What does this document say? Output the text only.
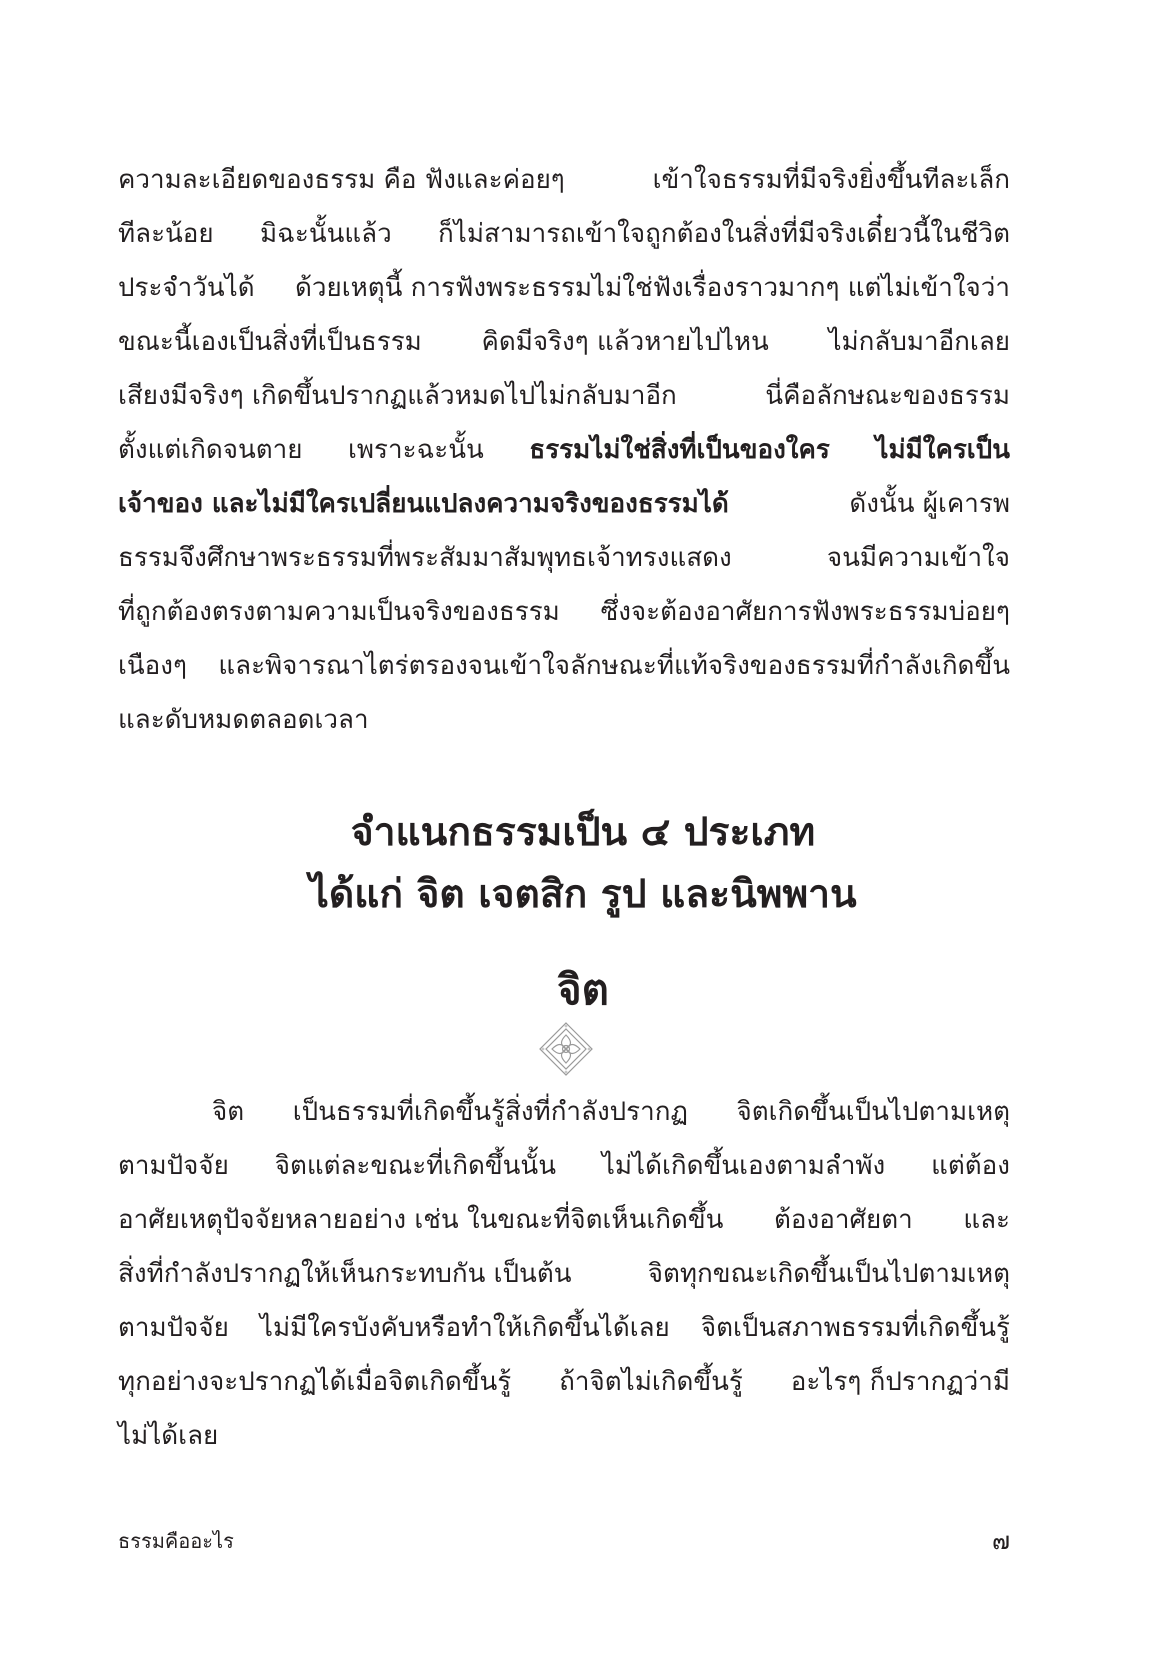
ความละเอียดของธรรม คือ ฟังและค่อยๆ	เข้าใจธรรมที่มีจริงยิ่งขึ้นทีละเล็ก
ทีละน้อย มิฉะนั้นแล้ว ก็ไม่สามารถเข้าใจถูกต้องในสิ่งที่มีจริงเดี๋ยวนี้ในชีวิต
ประจำวันได้ ด้วยเหตุนี้ การฟังพระธรรมไม่ใช่ฟังเรื่องราวมากๆ แต่ไม่เข้าใจว่า
ขณะนี้เองเป็นสิ่งที่เป็นธรรม คิดมีจริงๆ แล้วหายไปไหน ไม่กลับมาอีกเลย
เสียงมีจริงๆ เกิดขึ้นปรากฏแล้วหมดไปไม่กลับมาอีก	นี่คือลักษณะของธรรม
ตั้งแต่เกิดจนตาย เพราะฉะนั้น ธรรมไม่ใช่สิ่งที่เป็นของใคร ไม่มีใครเป็น
เจ้าของ และไม่มีใครเปลี่ยนแปลงความจริงของธรรมได้	ดังนั้น ผู้เคารพ
ธรรมจึงศึกษาพระธรรมที่พระสัมมาสัมพุทธเจ้าทรงแสดง	จนมีความเข้าใจ
ที่ถูกต้องตรงตามความเป็นจริงของธรรม ซึ่งจะต้องอาศัยการฟังพระธรรมบ่อยๆ
เนืองๆ และพิจารณาไตร่ตรองจนเข้าใจลักษณะที่แท้จริงของธรรมที่กำลังเกิดขึ้น
และดับหมดตลอดเวลา
จำแนกธรรมเป็น ๔ ประเภท
ได้แก่ จิต เจตสิก รูป และนิพพาน
จิต
จิต เป็นธรรมที่เกิดขึ้นรู้สิ่งที่กำลังปรากฏ จิตเกิดขึ้นเป็นไปตามเหตุ
ตามปัจจัย จิตแต่ละขณะที่เกิดขึ้นนั้น ไม่ได้เกิดขึ้นเองตามลำพัง แต่ต้อง
อาศัยเหตุปัจจัยหลายอย่าง เช่น ในขณะที่จิตเห็นเกิดขึ้น ต้องอาศัยตา และ
สิ่งที่กำลังปรากฏให้เห็นกระทบกัน เป็นต้น	จิตทุกขณะเกิดขึ้นเป็นไปตามเหตุ
ตามปัจจัย ไม่มีใครบังคับหรือทำให้เกิดขึ้นได้เลย จิตเป็นสภาพธรรมที่เกิดขึ้นรู้
ทุกอย่างจะปรากฏได้เมื่อจิตเกิดขึ้นรู้ ถ้าจิตไม่เกิดขึ้นรู้ อะไรๆ ก็ปรากฏว่ามี
ไม่ได้เลย
ธรรมคืออะไร	๗
